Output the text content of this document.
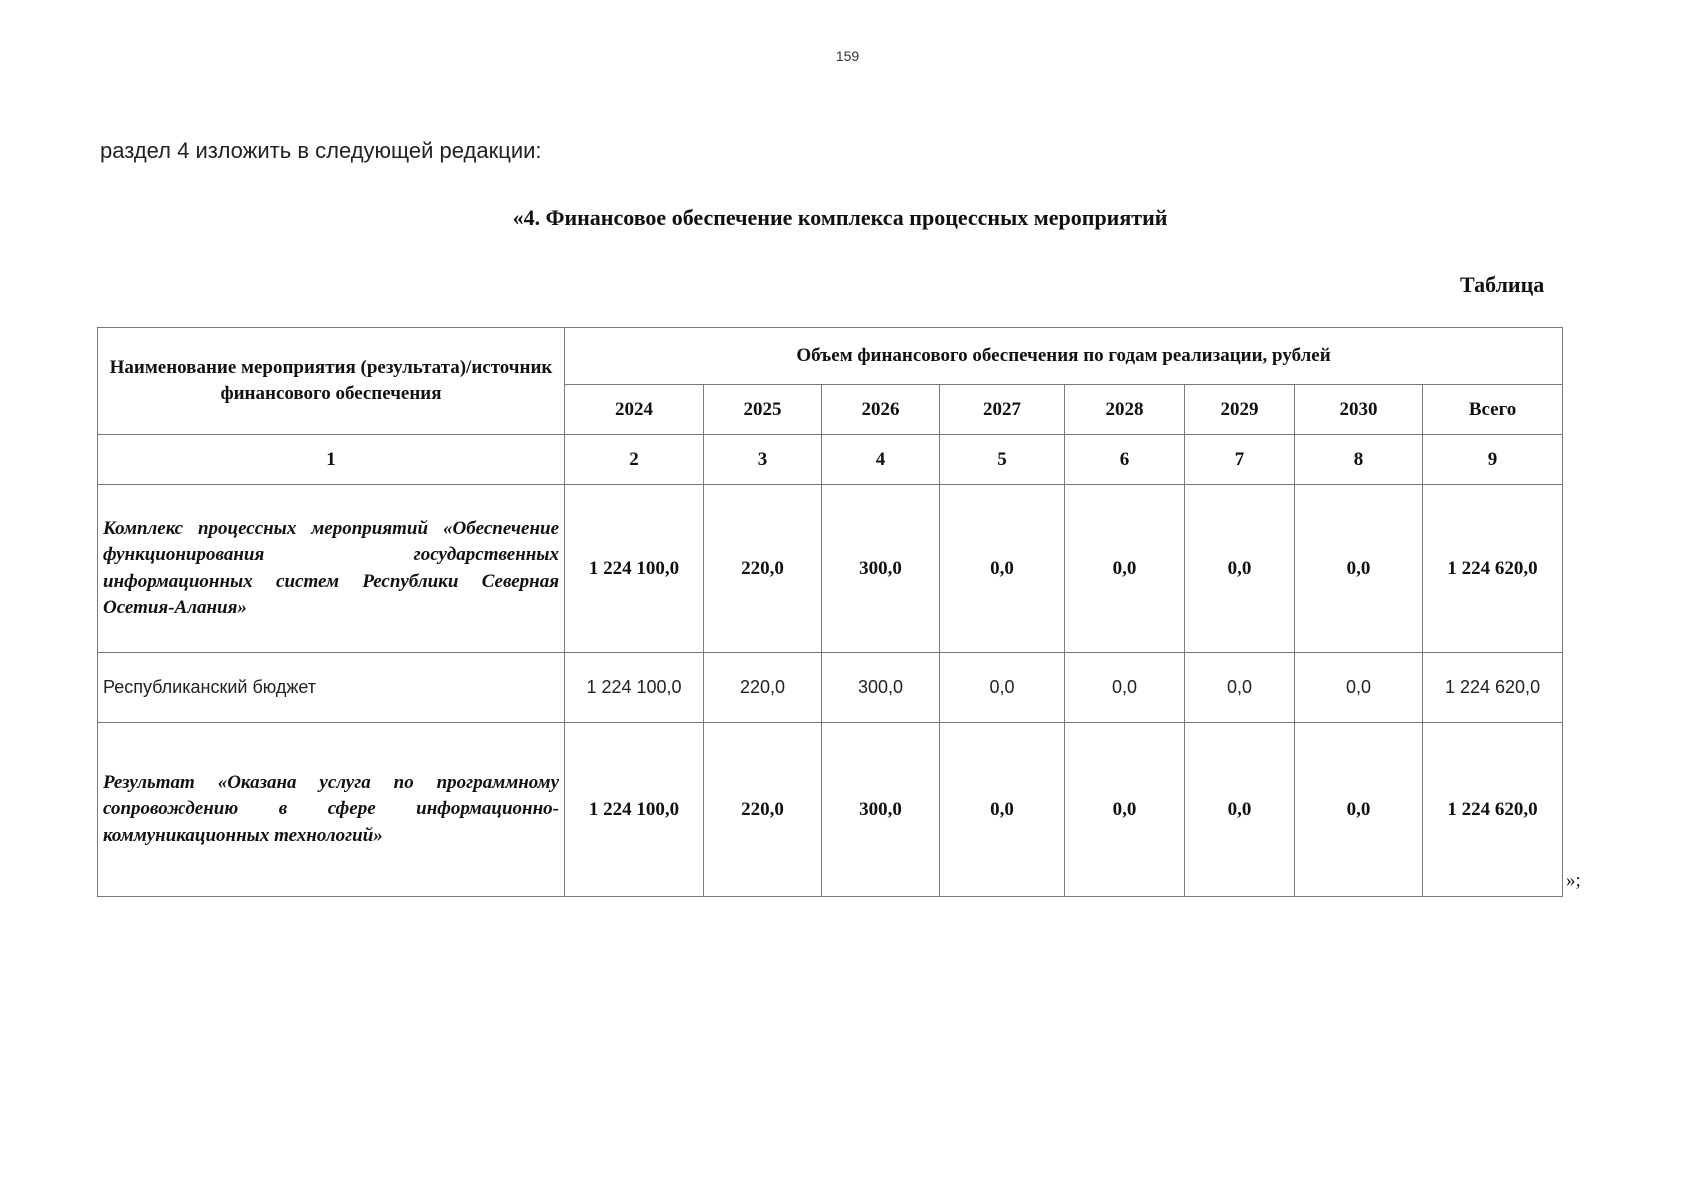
159
раздел 4 изложить в следующей редакции:
«4. Финансовое обеспечение комплекса процессных мероприятий
Таблица
Наименование мероприятия (результата)/источник финансового обеспечения	Объем финансового обеспечения по годам реализации, рублей							
	2024	2025	2026	2027	2028	2029	2030	Всего
1	2	3	4	5	6	7	8	9
Комплекс процессных мероприятий «Обеспечение функционирования государственных информационных систем Республики Северная Осетия-Алания»	1 224 100,0	220,0	300,0	0,0	0,0	0,0	0,0	1 224 620,0
Республиканский бюджет	1 224 100,0	220,0	300,0	0,0	0,0	0,0	0,0	1 224 620,0
Результат «Оказана услуга по программному сопровождению в сфере информационно-коммуникационных технологий»	1 224 100,0	220,0	300,0	0,0	0,0	0,0	0,0	1 224 620,0
»;
